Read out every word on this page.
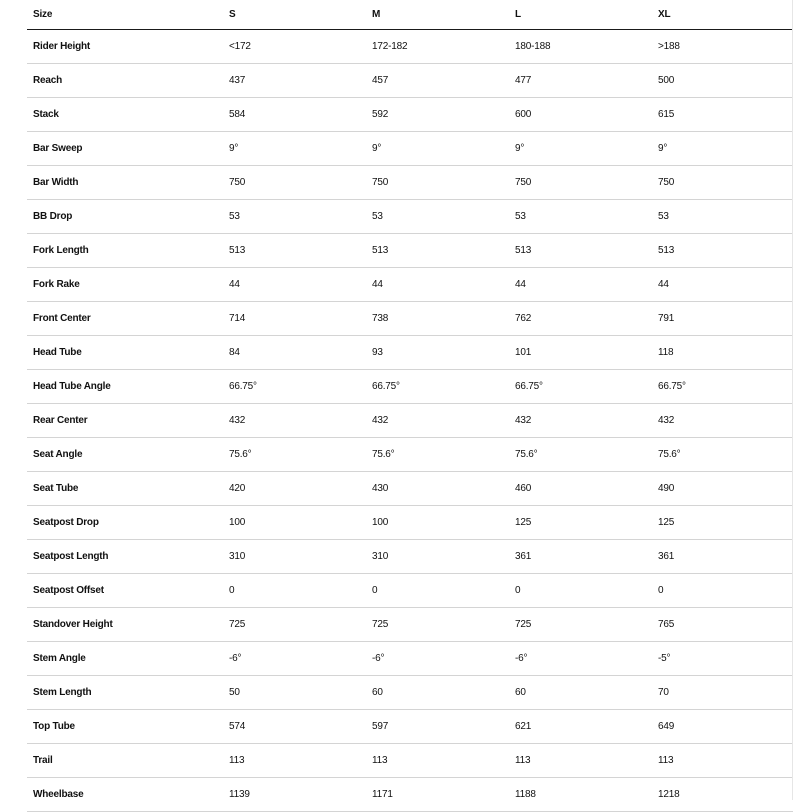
Size	S	M	L	XL
Rider Height	<172	172-182	180-188	>188
Reach	437	457	477	500
Stack	584	592	600	615
Bar Sweep	9°	9°	9°	9°
Bar Width	750	750	750	750
BB Drop	53	53	53	53
Fork Length	513	513	513	513
Fork Rake	44	44	44	44
Front Center	714	738	762	791
Head Tube	84	93	101	118
Head Tube Angle	66.75°	66.75°	66.75°	66.75°
Rear Center	432	432	432	432
Seat Angle	75.6°	75.6°	75.6°	75.6°
Seat Tube	420	430	460	490
Seatpost Drop	100	100	125	125
Seatpost Length	310	310	361	361
Seatpost Offset	0	0	0	0
Standover Height	725	725	725	765
Stem Angle	-6°	-6°	-6°	-5°
Stem Length	50	60	60	70
Top Tube	574	597	621	649
Trail	113	113	113	113
Wheelbase	1139	1171	1188	1218
